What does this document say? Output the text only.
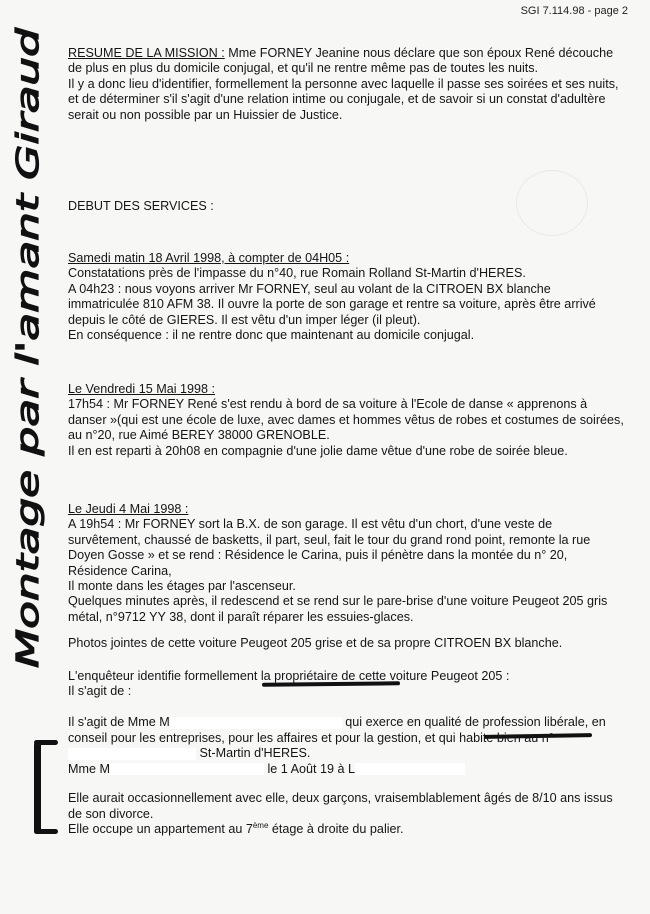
SGI 7.114.98 - page 2
Montage par l'amant Giraud

RESUME DE LA MISSION : Mme FORNEY Jeanine nous déclare que son époux René découche de plus en plus du domicile conjugal, et qu'il ne rentre même pas de toutes les nuits.

Il y a donc lieu d'identifier, formellement la personne avec laquelle il passe ses soirées et ses nuits, et de déterminer s'il s'agit d'une relation intime ou conjugale, et de savoir si un constat d'adultère serait ou non possible par un Huissier de Justice.

DEBUT DES SERVICES :

Samedi matin 18 Avril 1998, à compter de 04H05 :

Constatations près de l'impasse du n°40, rue Romain Rolland St-Martin d'HERES.

A 04h23 : nous voyons arriver Mr FORNEY, seul au volant de la CITROEN BX blanche immatriculée 810 AFM 38. Il ouvre la porte de son garage et rentre sa voiture, après être arrivé depuis le côté de GIERES. Il est vêtu d'un imper léger (il pleut).

En conséquence : il ne rentre donc que maintenant au domicile conjugal.

Le Vendredi 15 Mai 1998 :

17h54 : Mr FORNEY René s'est rendu à bord de sa voiture à l'Ecole de danse « apprenons à danser »(qui est une école de luxe, avec dames et hommes vêtus de robes et costumes de soirées, au n°20, rue Aimé BEREY 38000 GRENOBLE.

Il en est reparti à 20h08 en compagnie d'une jolie dame vêtue d'une robe de soirée bleue.

Le Jeudi 4 Mai 1998 :

A 19h54 : Mr FORNEY sort la B.X. de son garage. Il est vêtu d'un chort, d'une veste de survêtement, chaussé de basketts, il part, seul, fait le tour du grand rond point, remonte la rue Doyen Gosse » et se rend : Résidence le Carina, puis il pénètre dans la montée du n° 20, Résidence Carina,

Il monte dans les étages par l'ascenseur.

Quelques minutes après, il redescend et se rend sur le pare-brise d'une voiture Peugeot 205 gris métal, n°9712 YY 38, dont il paraît réparer les essuies-glaces.

Photos jointes de cette voiture Peugeot 205 grise et de sa propre CITROEN BX blanche.

L'enquêteur identifie formellement la propriétaire de cette voiture Peugeot 205 :

Il s'agit de :

Il s'agit de Mme M	qui exerce en qualité de profession libérale, en conseil pour les entreprises, pour les affaires et pour la gestion, et qui habite bien au n° St-Martin d'HERES.

Mme M	le 1 Août 19 à L

Elle aurait occasionnellement avec elle, deux garçons, vraisemblablement âgés de 8/10 ans issus de son divorce.

Elle occupe un appartement au 7ème étage à droite du palier.
